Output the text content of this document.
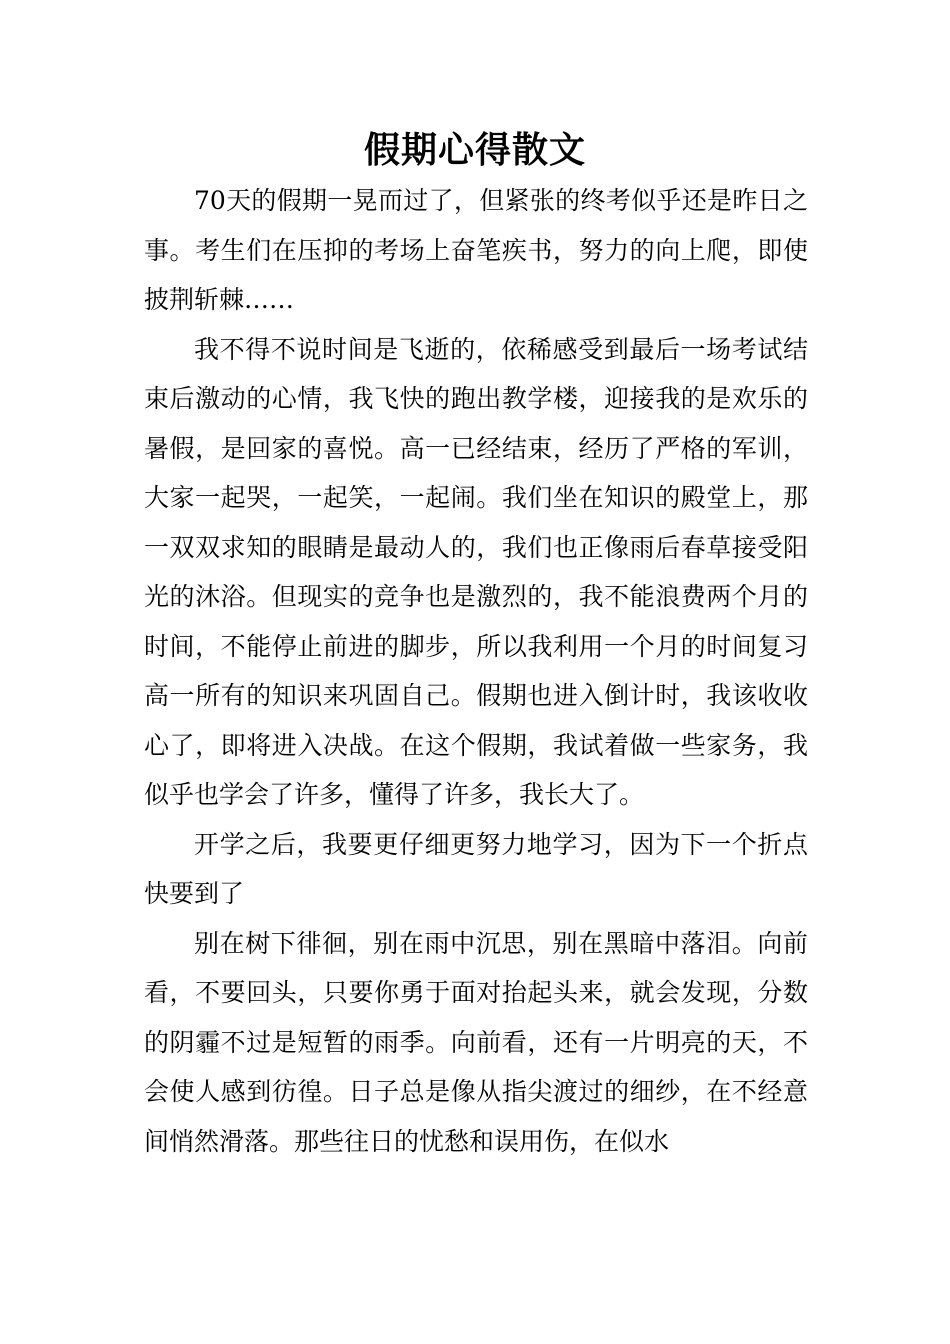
假期心得散文

70天的假期一晃而过了，但紧张的终考似乎还是昨日之事。考生们在压抑的考场上奋笔疾书，努力的向上爬，即使披荆斩棘……

我不得不说时间是飞逝的，依稀感受到最后一场考试结束后激动的心情，我飞快的跑出教学楼，迎接我的是欢乐的暑假，是回家的喜悦。高一已经结束，经历了严格的军训，大家一起哭，一起笑，一起闹。我们坐在知识的殿堂上，那一双双求知的眼睛是最动人的，我们也正像雨后春草接受阳光的沐浴。但现实的竞争也是激烈的，我不能浪费两个月的时间，不能停止前进的脚步，所以我利用一个月的时间复习高一所有的知识来巩固自己。假期也进入倒计时，我该收收心了，即将进入决战。在这个假期，我试着做一些家务，我似乎也学会了许多，懂得了许多，我长大了。

开学之后，我要更仔细更努力地学习，因为下一个折点快要到了

别在树下徘徊，别在雨中沉思，别在黑暗中落泪。向前看，不要回头，只要你勇于面对抬起头来，就会发现，分数的阴霾不过是短暂的雨季。向前看，还有一片明亮的天，不会使人感到彷徨。日子总是像从指尖渡过的细纱，在不经意间悄然滑落。那些往日的忧愁和误用伤，在似水
